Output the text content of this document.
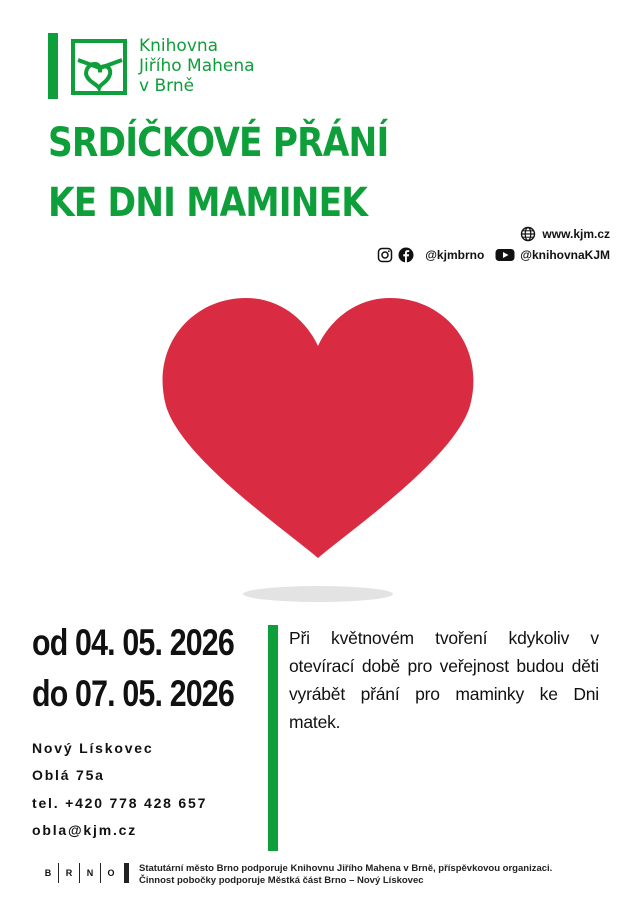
Knihovna
Jiřího Mahena
v Brně
SRDÍČKOVÉ PŘÁNÍ
KE DNI MAMINEK
www.kjm.cz
@kjmbrno	@knihovnaKJM
od 04. 05. 2026
do 07. 05. 2026
Nový Lískovec
Oblá 75a
tel. +420 778 428 657
obla@kjm.cz
Při květnovém tvoření kdykoliv v otevírací době pro veřejnost budou děti vyrábět přání pro maminky ke Dni matek.
B	R	N	O	Statutární město Brno podporuje Knihovnu Jiřího Mahena v Brně, příspěvkovou organizaci.
Činnost pobočky podporuje Městká část Brno – Nový Lískovec
